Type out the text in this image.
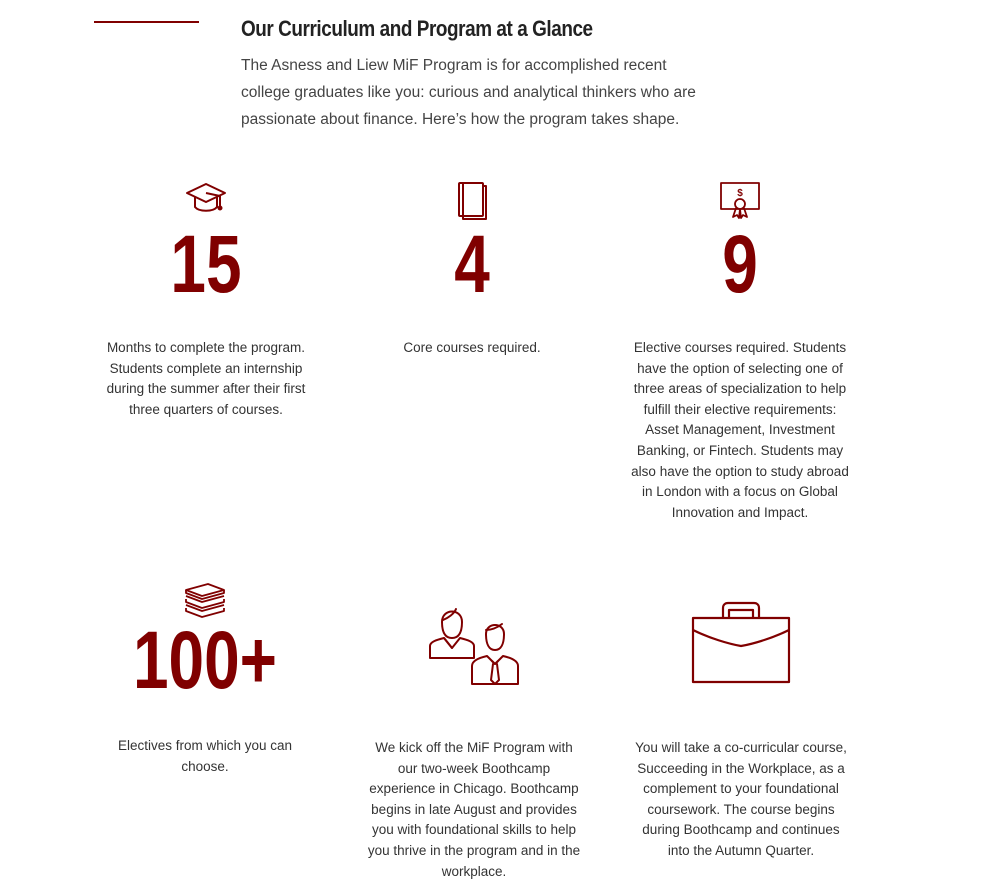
Our Curriculum and Program at a Glance

The Asness and Liew MiF Program is for accomplished recent college graduates like you: curious and analytical thinkers who are passionate about finance. Here’s how the program takes shape.

15
Months to complete the program. Students complete an internship during the summer after their first three quarters of courses.
4
Core courses required.
$
9
Elective courses required. Students have the option of selecting one of three areas of specialization to help fulfill their elective requirements: Asset Management, Investment Banking, or Fintech. Students may also have the option to study abroad in London with a focus on Global Innovation and Impact.
100+
Electives from which you can choose.
We kick off the MiF Program with our two-week Boothcamp experience in Chicago. Boothcamp begins in late August and provides you with foundational skills to help you thrive in the program and in the workplace.
You will take a co-curricular course, Succeeding in the Workplace, as a complement to your foundational coursework. The course begins during Boothcamp and continues into the Autumn Quarter.
